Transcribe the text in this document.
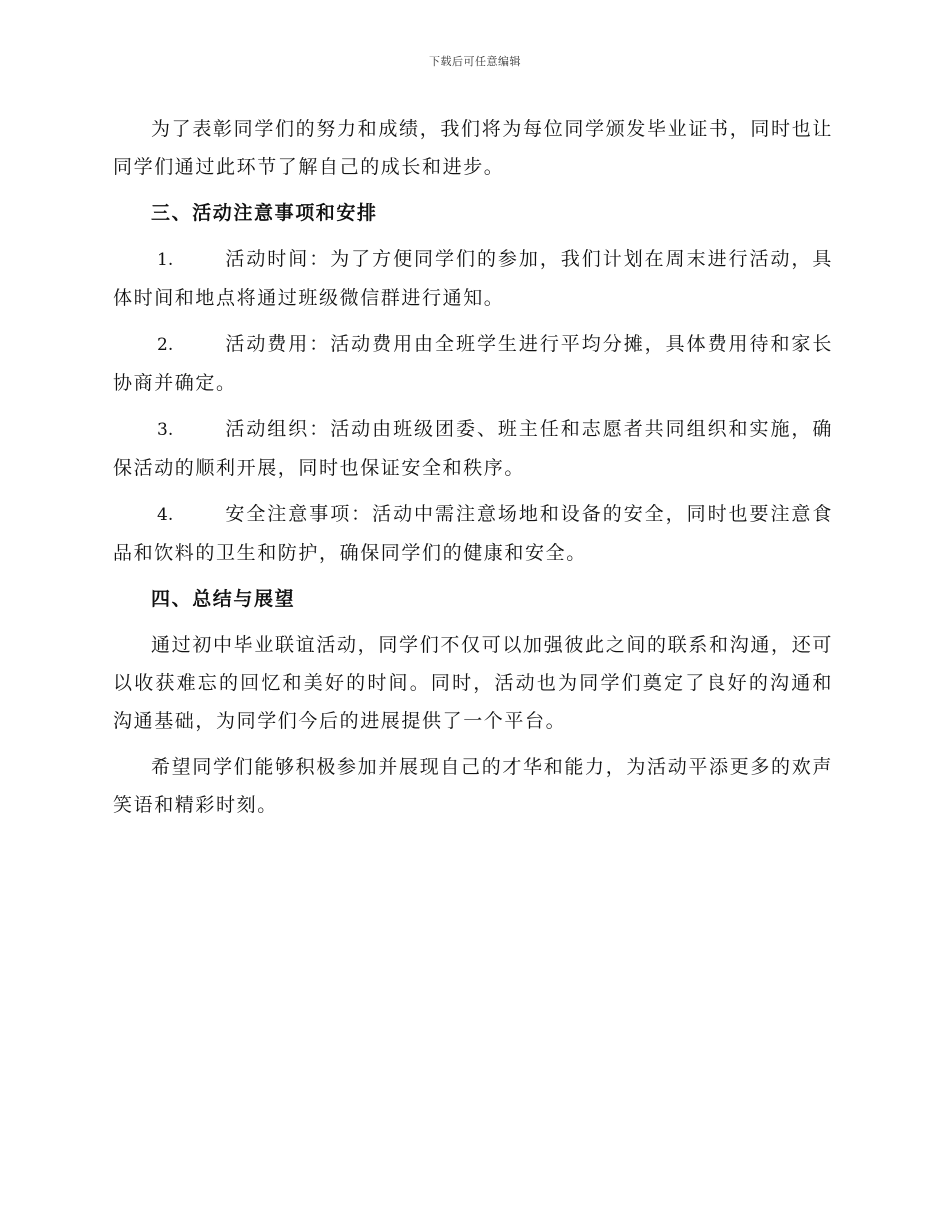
下载后可任意编辑

为了表彰同学们的努力和成绩，我们将为每位同学颁发毕业证书，同时也让同学们通过此环节了解自己的成长和进步。

三、活动注意事项和安排

1.	活动时间：为了方便同学们的参加，我们计划在周末进行活动，具体时间和地点将通过班级微信群进行通知。

2.	活动费用：活动费用由全班学生进行平均分摊，具体费用待和家长协商并确定。

3.	活动组织：活动由班级团委、班主任和志愿者共同组织和实施，确保活动的顺利开展，同时也保证安全和秩序。

4.	安全注意事项：活动中需注意场地和设备的安全，同时也要注意食品和饮料的卫生和防护，确保同学们的健康和安全。

四、总结与展望

通过初中毕业联谊活动，同学们不仅可以加强彼此之间的联系和沟通，还可以收获难忘的回忆和美好的时间。同时，活动也为同学们奠定了良好的沟通和沟通基础，为同学们今后的进展提供了一个平台。

希望同学们能够积极参加并展现自己的才华和能力，为活动平添更多的欢声笑语和精彩时刻。
